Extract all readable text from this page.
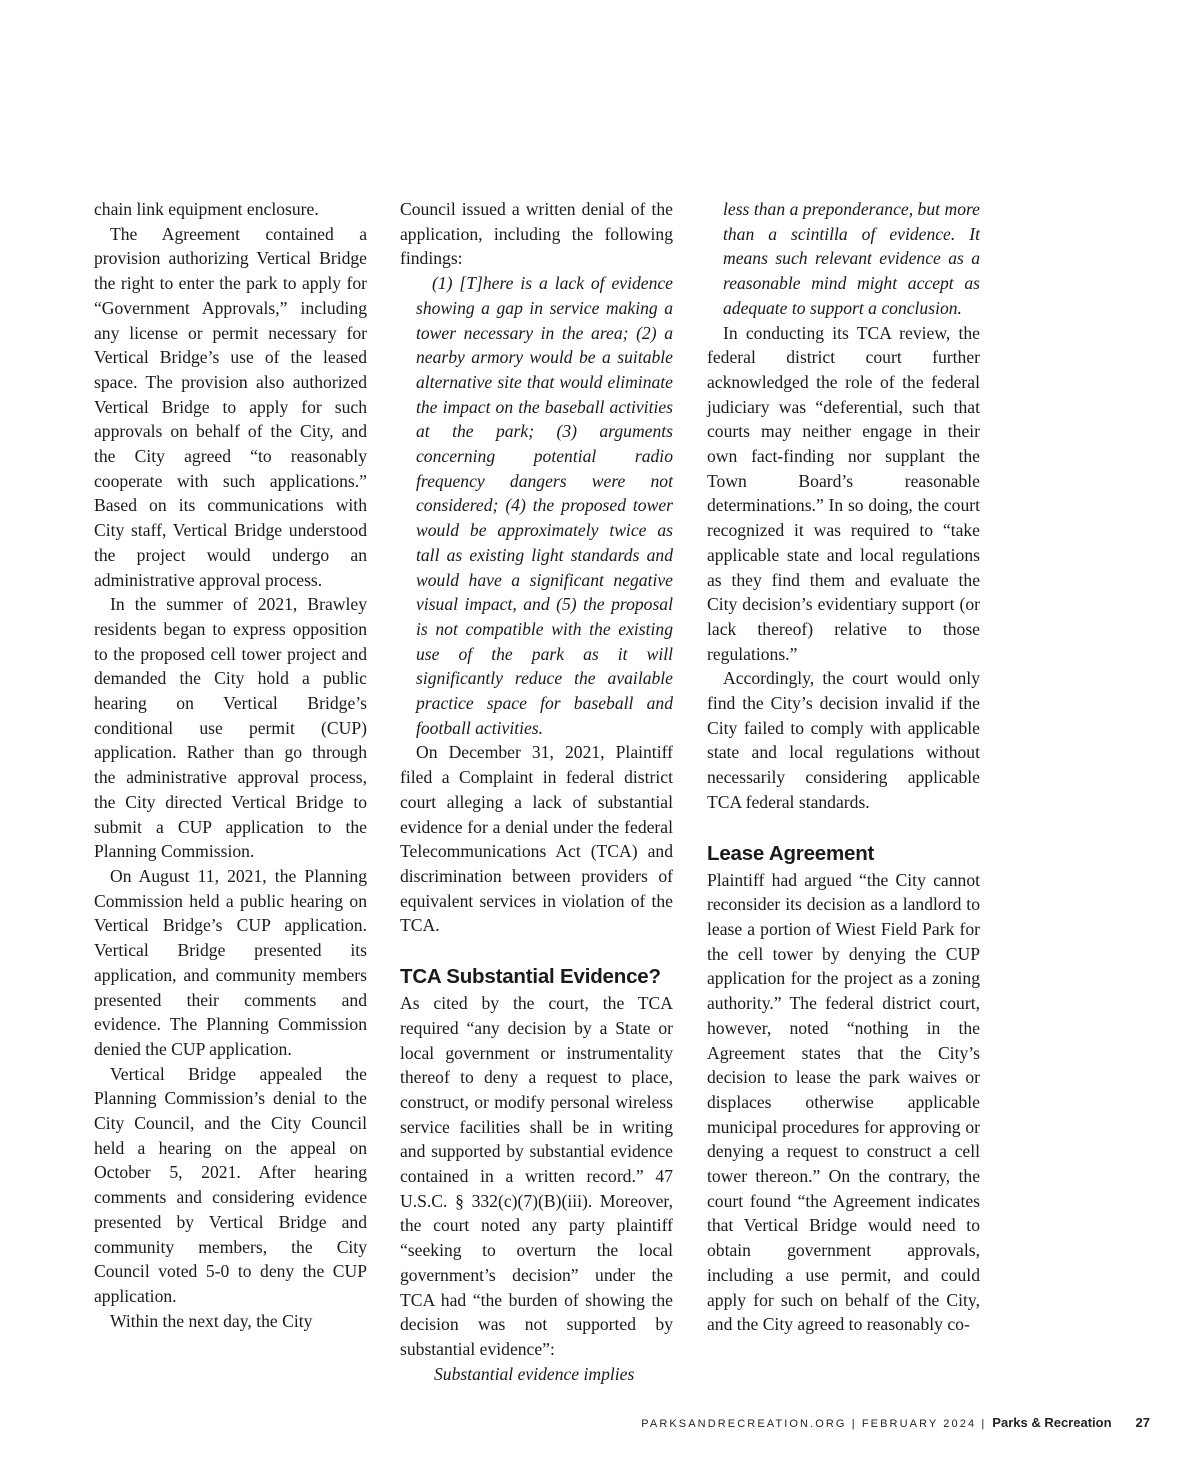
chain link equipment enclosure.

The Agreement contained a provision authorizing Vertical Bridge the right to enter the park to apply for “Government Approvals,” including any license or permit necessary for Vertical Bridge’s use of the leased space. The provision also authorized Vertical Bridge to apply for such approvals on behalf of the City, and the City agreed “to reasonably cooperate with such applications.” Based on its communications with City staff, Vertical Bridge understood the project would undergo an administrative approval process.

In the summer of 2021, Brawley residents began to express opposition to the proposed cell tower project and demanded the City hold a public hearing on Vertical Bridge’s conditional use permit (CUP) application. Rather than go through the administrative approval process, the City directed Vertical Bridge to submit a CUP application to the Planning Commission.

On August 11, 2021, the Planning Commission held a public hearing on Vertical Bridge’s CUP application. Vertical Bridge presented its application, and community members presented their comments and evidence. The Planning Commission denied the CUP application.

Vertical Bridge appealed the Planning Commission’s denial to the City Council, and the City Council held a hearing on the appeal on October 5, 2021. After hearing comments and considering evidence presented by Vertical Bridge and community members, the City Council voted 5-0 to deny the CUP application.

Within the next day, the City

Council issued a written denial of the application, including the following findings:

(1) [T]here is a lack of evidence showing a gap in service making a tower necessary in the area; (2) a nearby armory would be a suitable alternative site that would eliminate the impact on the baseball activities at the park; (3) arguments concerning potential radio frequency dangers were not considered; (4) the proposed tower would be approximately twice as tall as existing light standards and would have a significant negative visual impact, and (5) the proposal is not compatible with the existing use of the park as it will significantly reduce the available practice space for baseball and football activities.

On December 31, 2021, Plaintiff filed a Complaint in federal district court alleging a lack of substantial evidence for a denial under the federal Telecommunications Act (TCA) and discrimination between providers of equivalent services in violation of the TCA.

TCA Substantial Evidence?

As cited by the court, the TCA required “any decision by a State or local government or instrumentality thereof to deny a request to place, construct, or modify personal wireless service facilities shall be in writing and supported by substantial evidence contained in a written record.” 47 U.S.C. § 332(c)(7)(B)(iii). Moreover, the court noted any party plaintiff “seeking to overturn the local government’s decision” under the TCA had “the burden of showing the decision was not supported by substantial evidence”:

Substantial evidence implies
less than a preponderance, but more than a scintilla of evidence. It means such relevant evidence as a reasonable mind might accept as adequate to support a conclusion.

In conducting its TCA review, the federal district court further acknowledged the role of the federal judiciary was “deferential, such that courts may neither engage in their own fact-finding nor supplant the Town Board’s reasonable determinations.” In so doing, the court recognized it was required to “take applicable state and local regulations as they find them and evaluate the City decision’s evidentiary support (or lack thereof) relative to those regulations.”

Accordingly, the court would only find the City’s decision invalid if the City failed to comply with applicable state and local regulations without necessarily considering applicable TCA federal standards.

Lease Agreement

Plaintiff had argued “the City cannot reconsider its decision as a landlord to lease a portion of Wiest Field Park for the cell tower by denying the CUP application for the project as a zoning authority.” The federal district court, however, noted “nothing in the Agreement states that the City’s decision to lease the park waives or displaces otherwise applicable municipal procedures for approving or denying a request to construct a cell tower thereon.” On the contrary, the court found “the Agreement indicates that Vertical Bridge would need to obtain government approvals, including a use permit, and could apply for such on behalf of the City, and the City agreed to reasonably co-

PARKSANDRECREATION.ORG | FEBRUARY 2024 | Parks & Recreation 27
